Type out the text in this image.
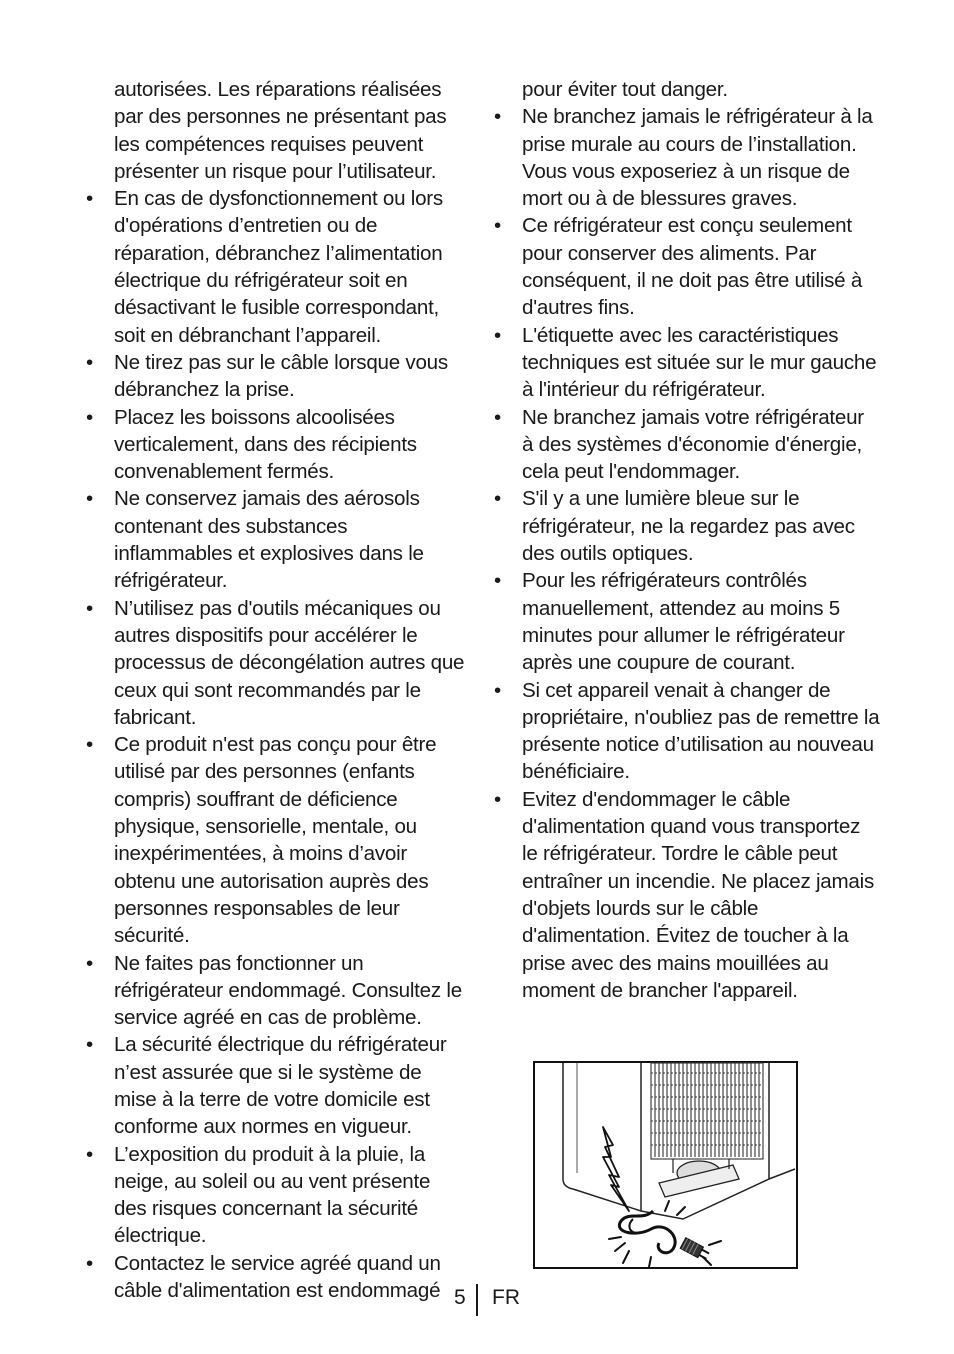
autorisées. Les réparations réalisées par des personnes ne présentant pas les compétences requises peuvent présenter un risque pour l’utilisateur.

•	En cas de dysfonctionnement ou lors d'opérations d’entretien ou de réparation, débranchez l’alimentation électrique du réfrigérateur soit en désactivant le fusible correspondant, soit en débranchant l’appareil.
•	Ne tirez pas sur le câble lorsque vous débranchez la prise.
•	Placez les boissons alcoolisées verticalement, dans des récipients convenablement fermés.
•	Ne conservez jamais des aérosols contenant des substances inflammables et explosives dans le réfrigérateur.
•	N’utilisez pas d'outils mécaniques ou autres dispositifs pour accélérer le processus de décongélation autres que ceux qui sont recommandés par le fabricant.
•	Ce produit n'est pas conçu pour être utilisé par des personnes (enfants compris) souffrant de déficience physique, sensorielle, mentale, ou inexpérimentées, à moins d’avoir obtenu une autorisation auprès des personnes responsables de leur sécurité.
•	Ne faites pas fonctionner un réfrigérateur endommagé. Consultez le service agréé en cas de problème.
•	La sécurité électrique du réfrigérateur n’est assurée que si le système de mise à la terre de votre domicile est conforme aux normes en vigueur.
•	L’exposition du produit à la pluie, la neige, au soleil ou au vent présente des risques concernant la sécurité électrique.
•	Contactez le service agréé quand un câble d'alimentation est endommagé

pour éviter tout danger.

•	Ne branchez jamais le réfrigérateur à la prise murale au cours de l’installation. Vous vous exposeriez à un risque de mort ou à de blessures graves.
•	Ce réfrigérateur est conçu seulement pour conserver des aliments. Par conséquent, il ne doit pas être utilisé à d'autres fins.
•	L'étiquette avec les caractéristiques techniques est située sur le mur gauche à l'intérieur du réfrigérateur.
•	Ne branchez jamais votre réfrigérateur à des systèmes d'économie d'énergie, cela peut l'endommager.
•	S'il y a une lumière bleue sur le réfrigérateur, ne la regardez pas avec des outils optiques.
•	Pour les réfrigérateurs contrôlés manuellement, attendez au moins 5 minutes pour allumer le réfrigérateur après une coupure de courant.
•	Si cet appareil venait à changer de propriétaire, n'oubliez pas de remettre la présente notice d’utilisation au nouveau bénéficiaire.
•	Evitez d'endommager le câble d'alimentation quand vous transportez le réfrigérateur. Tordre le câble peut entraîner un incendie. Ne placez jamais d'objets lourds sur le câble d'alimentation. Évitez de toucher à la prise avec des mains mouillées au moment de brancher l'appareil.
5 FR
